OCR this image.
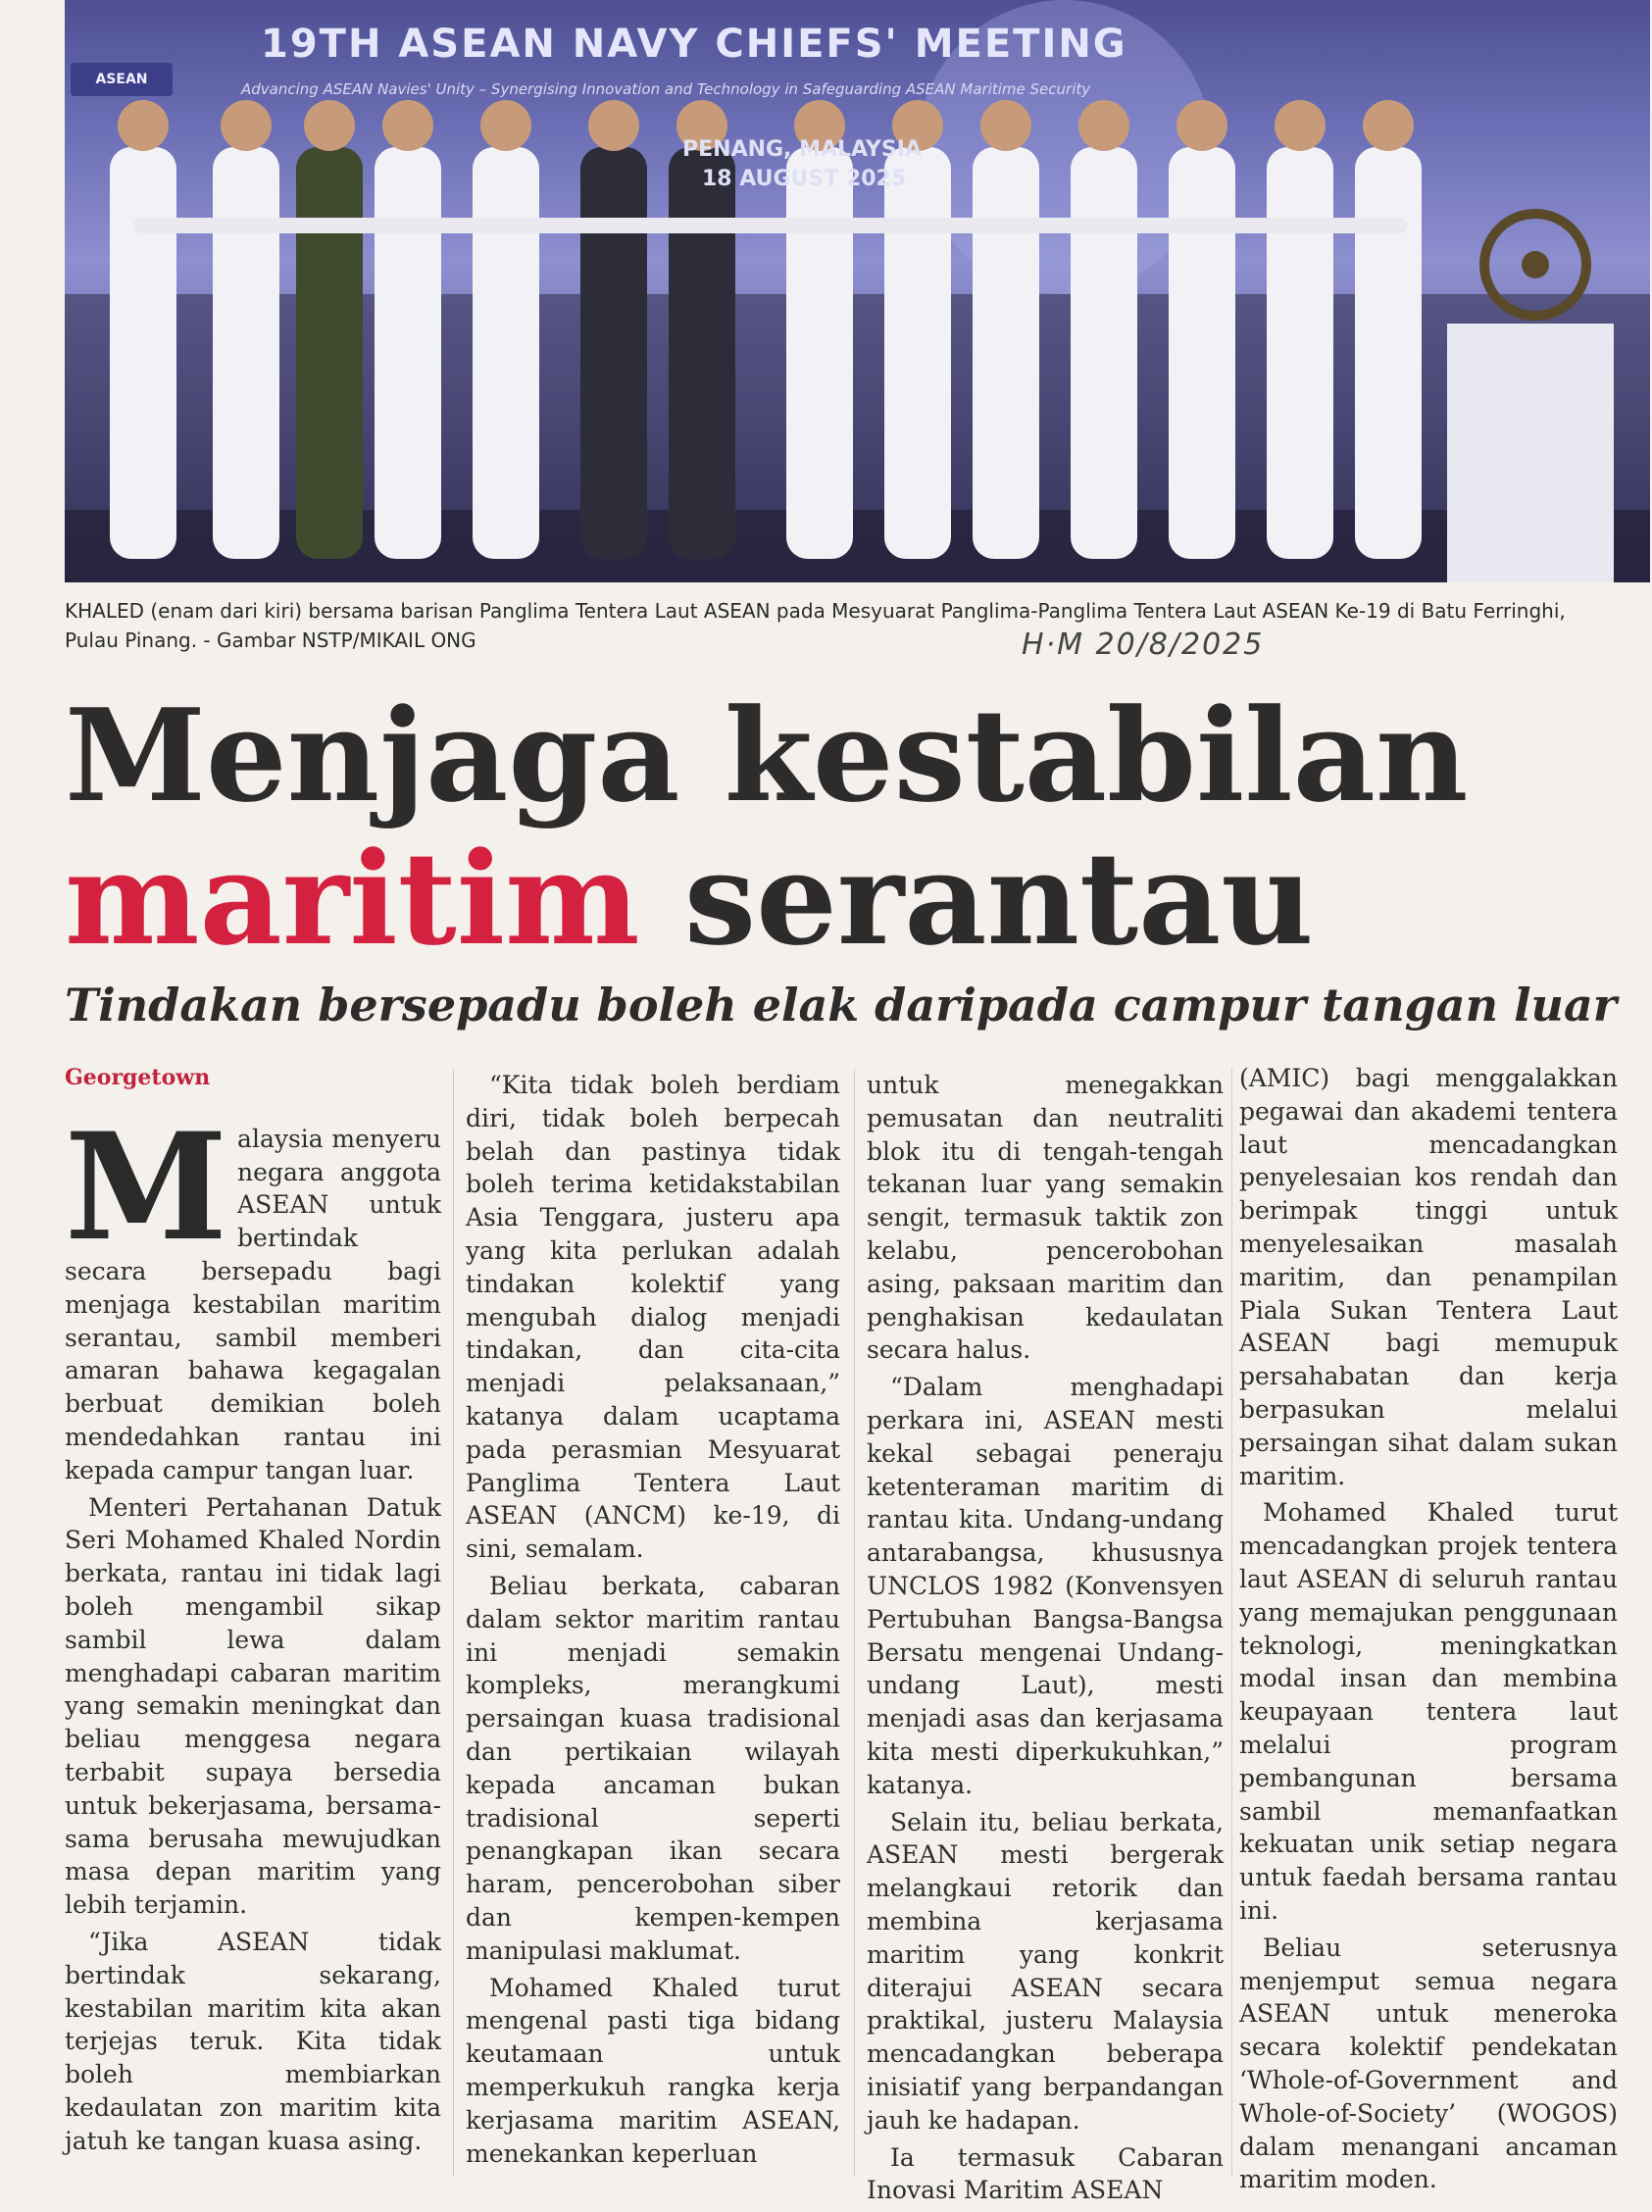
ASEAN
19TH ASEAN NAVY CHIEFS' MEETING
Advancing ASEAN Navies' Unity – Synergising Innovation and Technology in Safeguarding ASEAN Maritime Security
PENANG, MALAYSIA
18 AUGUST 2025
KHALED (enam dari kiri) bersama barisan Panglima Tentera Laut ASEAN pada Mesyuarat Panglima-Panglima Tentera Laut ASEAN Ke-19 di Batu Ferringhi, Pulau Pinang. - Gambar NSTP/MIKAIL ONG	H·M 20/8/2025
Menjaga kestabilan
maritim serantau
Tindakan bersepadu boleh elak daripada campur tangan luar
Georgetown

Malaysia menyeru negara anggota ASEAN untuk bertindak secara bersepadu bagi menjaga kestabilan maritim serantau, sambil memberi amaran bahawa kegagalan berbuat demikian boleh mendedahkan rantau ini kepada campur tangan luar.

Menteri Pertahanan Datuk Seri Mohamed Khaled Nordin berkata, rantau ini tidak lagi boleh mengambil sikap sambil lewa dalam menghadapi cabaran maritim yang semakin meningkat dan beliau menggesa negara terbabit supaya bersedia untuk bekerjasama, bersama-sama berusaha mewujudkan masa depan maritim yang lebih terjamin.

“Jika ASEAN tidak bertindak sekarang, kestabilan maritim kita akan terjejas teruk. Kita tidak boleh membiarkan kedaulatan zon maritim kita jatuh ke tangan kuasa asing.

“Kita tidak boleh berdiam diri, tidak boleh berpecah belah dan pastinya tidak boleh terima ketidakstabilan Asia Tenggara, justeru apa yang kita perlukan adalah tindakan kolektif yang mengubah dialog menjadi tindakan, dan cita-cita menjadi pelaksanaan,” katanya dalam ucaptama pada perasmian Mesyuarat Panglima Tentera Laut ASEAN (ANCM) ke-19, di sini, semalam.

Beliau berkata, cabaran dalam sektor maritim rantau ini menjadi semakin kompleks, merangkumi persaingan kuasa tradisional dan pertikaian wilayah kepada ancaman bukan tradisional seperti penangkapan ikan secara haram, pencerobohan siber dan kempen-kempen manipulasi maklumat.

Mohamed Khaled turut mengenal pasti tiga bidang keutamaan untuk memperkukuh rangka kerja kerjasama maritim ASEAN, menekankan keperluan

untuk menegakkan pemusatan dan neutraliti blok itu di tengah-tengah tekanan luar yang semakin sengit, termasuk taktik zon kelabu, pencerobohan asing, paksaan maritim dan penghakisan kedaulatan secara halus.

“Dalam menghadapi perkara ini, ASEAN mesti kekal sebagai peneraju ketenteraman maritim di rantau kita. Undang-undang antarabangsa, khususnya UNCLOS 1982 (Konvensyen Pertubuhan Bangsa-Bangsa Bersatu mengenai Undang-undang Laut), mesti menjadi asas dan kerjasama kita mesti diperkukuhkan,” katanya.

Selain itu, beliau berkata, ASEAN mesti bergerak melangkaui retorik dan membina kerjasama maritim yang konkrit diterajui ASEAN secara praktikal, justeru Malaysia mencadangkan beberapa inisiatif yang berpandangan jauh ke hadapan.

Ia termasuk Cabaran Inovasi Maritim ASEAN

(AMIC) bagi menggalakkan pegawai dan akademi tentera laut mencadangkan penyelesaian kos rendah dan berimpak tinggi untuk menyelesaikan masalah maritim, dan penampilan Piala Sukan Tentera Laut ASEAN bagi memupuk persahabatan dan kerja berpasukan melalui persaingan sihat dalam sukan maritim.

Mohamed Khaled turut mencadangkan projek tentera laut ASEAN di seluruh rantau yang memajukan penggunaan teknologi, meningkatkan modal insan dan membina keupayaan tentera laut melalui program pembangunan bersama sambil memanfaatkan kekuatan unik setiap negara untuk faedah bersama rantau ini.

Beliau seterusnya menjemput semua negara ASEAN untuk meneroka secara kolektif pendekatan ‘Whole-of-Government and Whole-of-Society’ (WOGOS) dalam menangani ancaman maritim moden.
